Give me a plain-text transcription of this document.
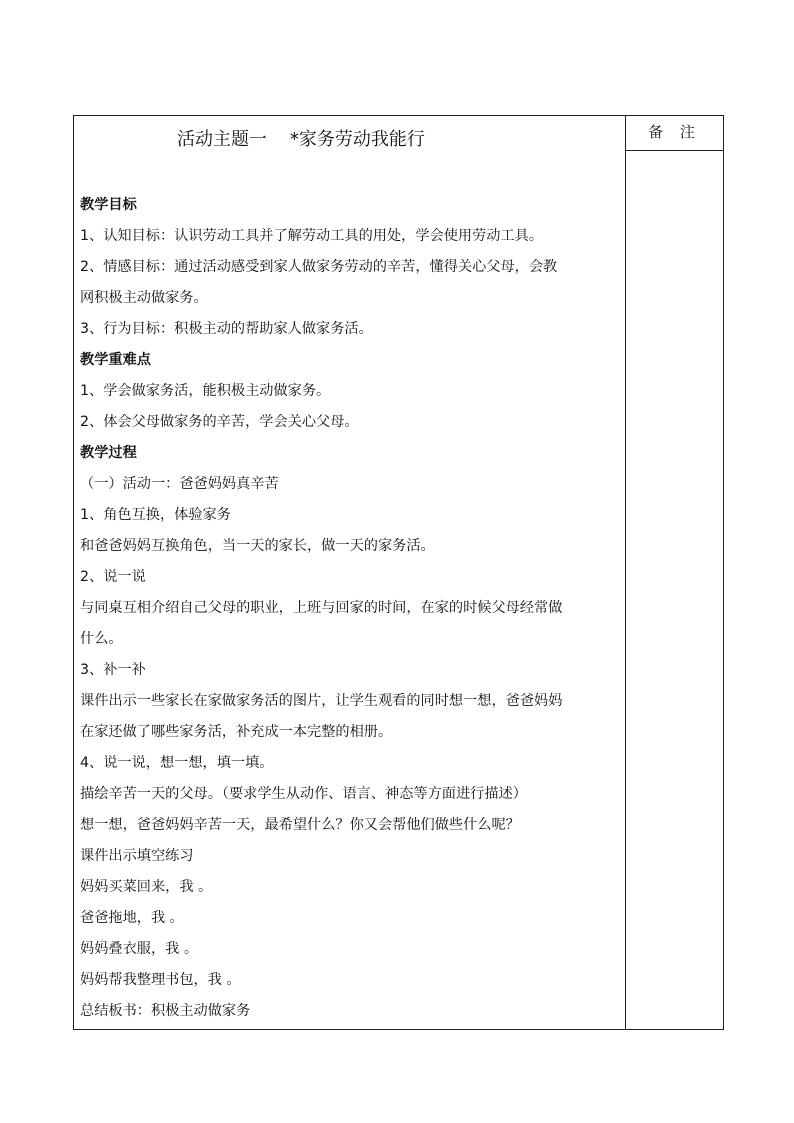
活动主题一    *家务劳动我能行
教学目标
1、认知目标：认识劳动工具并了解劳动工具的用处，学会使用劳动工具。
2、情感目标：通过活动感受到家人做家务劳动的辛苦，懂得关心父母，会教
网积极主动做家务。
3、行为目标：积极主动的帮助家人做家务活。
教学重难点
1、学会做家务活，能积极主动做家务。
2、体会父母做家务的辛苦，学会关心父母。
教学过程
（一）活动一：爸爸妈妈真辛苦
1、角色互换，体验家务
和爸爸妈妈互换角色，当一天的家长，做一天的家务活。
2、说一说
与同桌互相介绍自己父母的职业，上班与回家的时间，在家的时候父母经常做
什么。
3、补一补
课件出示一些家长在家做家务活的图片，让学生观看的同时想一想，爸爸妈妈
在家还做了哪些家务活，补充成一本完整的相册。
4、说一说，想一想，填一填。
描绘辛苦一天的父母。（要求学生从动作、语言、神态等方面进行描述）
想一想，爸爸妈妈辛苦一天，最希望什么？你又会帮他们做些什么呢？
课件出示填空练习
妈妈买菜回来，我 。
爸爸拖地，我 。
妈妈叠衣服，我 。
妈妈帮我整理书包，我 。
总结板书：积极主动做家务
备 注
